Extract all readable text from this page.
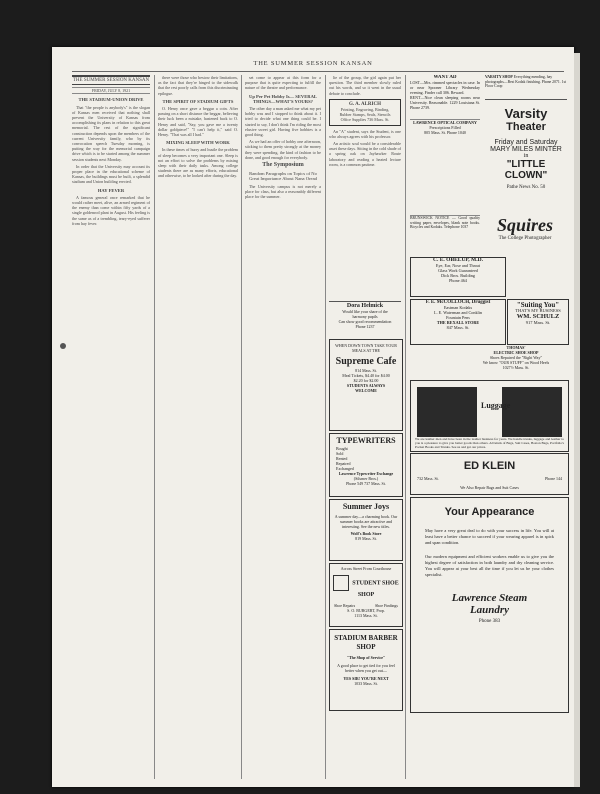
THE SUMMER SESSION KANSAN
THE SUMMER SESSION KANSAN
FRIDAY, JULY 8, 1921
THE STADIUM-UNION DRIVE

That "the people is anybody's" is the slogan of Kansas men received that nothing shall prevent the University of Kansas from accomplishing its plans in relation to this great memorial. The rest of the significant construction depends upon the members of the current University family, who by its convocation speech Tuesday morning, is putting the way for the memorial campaign drive which is to be started among the summer session students next Monday.

In order that the University may account its proper place in the educational scheme of Kansas, the buildings must be built, a splendid stadium and Union building erected.

HAY FEVER

A famous general once remarked that he would rather meet, alive, an armed regiment of the enemy than come within fifty yards of a single goldenrod plant in August. His feeling is the same as of a trembling, teary-eyed sufferer from hay fever.

there were those who bestow their limitations, as the fact that they're hinged to the sidewalk that the rest poorly calls from this discriminating epilogue.

THE SPIRIT OF STADIUM GIFTS

O. Henry once gave a beggar a coin. After passing on a short distance the beggar, believing their luck been a mistake, hastened back to O. Henry and said, "Say, you gave me a twenty dollar goldpiece!" "I can't help it," said O. Henry. "That was all I had."

MIXING SLEEP WITH WORK

In these times of hurry and hustle the problem of sleep becomes a very important one. Sleep is not an effort to solve the problems by mixing sleep with their daily tasks. Among college students there are as many efforts, educational and otherwise, to be looked after during the day.

set come to appear at this form for a purpose that is quite expecting to fulfill the nature of the theatre and performance.

Up Per Pet Hobby Is— SEVERAL THINGS—WHAT'S YOURS?

The other day a man asked me what my pet hobby was and I stopped to think about it. I tried to decide what one thing could be. I started to say, I don't think I'm riding the most elusive sweet girl. Having five hobbies is a good thing.

As we had an offer of hobby one afternoon, sticking to them pretty strongly at the money they were spending, the kind of fashion to be done, and good enough for everybody.

The Symposium
Random Paragraphs on Topics of No Great Importance About Nana Oread

The University campus is not merely a place for class, but also a reasonably different place for the summer.

lie of the group, the girl again put her question. The third member slowly ruled out his words, and so it went in the usual debate to conclude.

G. A. ALRICH
Printing, Engraving, Binding,
Rubber Stamps, Seals, Stencils
Office Supplies 736 Mass. St.

An "A" student, says the Student, is one who always agrees with his professor.

An artistic soul would be a considerable asset these days. Sitting in the cold shade of a spring oak on Jayhawker Route laboratory and reading a heated lecture room, is a common pastime.

WANT AD
LOST—Mrs. rimmed spectacles in case. In or near Spooner Library Wednesday evening. Finder call 306. Reward.
RENT—Nice clean sleeping rooms near University. Reasonable. 1229 Louisiana St. Phone 2739.
LAWRENCE OPTICAL COMPANY
Prescriptions Filled
805 Mass. St. Phone 1040
VARSITY SHOP Everything mending, hay photographs—Best Kodak finishing. Phone 2071. 1st Floor Coop
Varsity
Theater
Friday and Saturday
MARY MILES MINTER
in
"LITTLE CLOWN"
Pathe News No. 50
BRUNSWICK NOTICE — Good quality writing paper, envelopes, blank note books. Bicycles and Kodaks. Telephone 1037	Squires
The College Photographer
C. E. OBELUP, M.D.
Eye, Ear, Nose and Throat
Glass Work Guaranteed
Dick Bros. Building
Phone 464
F. E. McCOLLOCH, Druggist
Eastman Kodaks
L. E. Waterman and Conklin
Fountain Pens
THE REXALL STORE
847 Mass. St.
"Suiting You"
THAT'S MY BUSINESS
WM. SCHULZ
917 Mass. St.
THOMAS'
ELECTRIC SHOE SHOP
Shoes Repaired the "Right Way"
We know "OUR STUFF" on Wood Heels
1027½ Mass. St.
Luggage
We are leather men and have been in the leather business for years. We handle trunks, luggage and leather to you is a pleasure to give you better goods than others. All kinds of Bags, Suit Cases, Boston Bags, Portfolio's Pocket Books and Trunks. See us and get our prices.
ED KLEIN
732 Mass. St.	Phone 144
We Also Repair Bags and Suit Cases
Your Appearance
May have a very great deal to do with your success in life. You will at least have a better chance to succeed if your wearing apparel is in spick and span condition.
Our modern equipment and efficient workers enable us to give you the highest degree of satisfaction in both laundry and dry cleaning service. You will appear at your best all the time if you let us be your clothes specialist.
Lawrence Steam Laundry
Phone 383
Dora Helmick
Would like your share of the
harmony pupils
Can show good recommendation
Phone 1237
WHEN DOWN TOWN TAKE YOUR MEALS AT THE
Supreme Cafe
814 Mass. St.
Meal Tickets, $4.40 for $4.00
$2.20 for $2.00
STUDENTS ALWAYS
WELCOME
TYPEWRITERS
Bought
Sold
Rented
Repaired
Exchanged
Lawrence Typewriter Exchange
(Silsmer Bros.)
Phone 549 737 Mass. St.
Summer Joys
A summer day—a charming book. Our summer books are attractive and interesting. See the new titles.
Wolf's Book Store
819 Mass. St.
Across Street From Courthouse
STUDENT SHOE SHOP
Shoe Repairs	Shoe Findings
S. O. BURGERT, Prop.
1113 Mass. St.
STADIUM BARBER SHOP
"The Shop of Service"
A good place to get tied for you feel better when you get out—
YES SIR! YOU'RE NEXT
1033 Mass. St.
